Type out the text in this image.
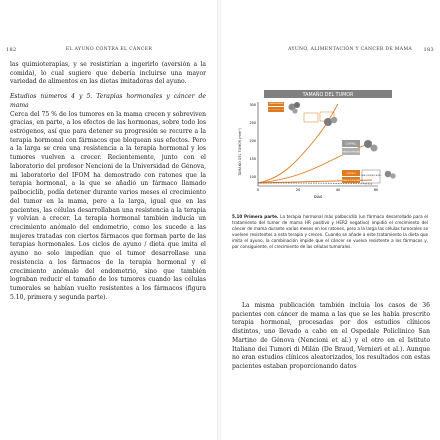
182	EL AYUNO CONTRA EL CÁNCER	AYUNO, ALIMENTACIÓN Y CÁNCER DE MAMA 183

las quimioterapias, y se resistirían a ingerirlo (aversión a la comida), lo cual sugiere que debería incluirse una mayor variedad de alimentos en las dietas imitadoras del ayuno.

Estudios números 4 y 5. Terapias hormonales y cáncer de mama

Cerca del 75 % de los tumores en la mama crecen y sobreviven gracias, en parte, a los efectos de las hormonas, sobre todo los estrógenos, así que para detener su progresión se recurre a la terapia hormonal con fármacos que bloquean sus efectos. Pero a la larga se crea una resistencia a la terapia hormonal y los tumores vuelven a crecer. Recientemente, junto con el laboratorio del profesor Nencioni de la Universidad de Génova, mi laboratorio del IFOM ha demostrado con ratones que la terapia hormonal, a la que se añadió un fármaco llamado palbociclib, podía detener durante varios meses el crecimiento del tumor en la mama, pero a la larga, igual que en las pacientes, las células desarrollaban una resistencia a la terapia y volvían a crecer. La terapia hormonal también inducía un crecimiento anómalo del endometrio, como les sucede a las mujeres tratadas con ciertos fármacos que forman parte de las terapias hormonales. Los ciclos de ayuno / dieta que imita el ayuno no solo impedían que el tumor desarrollase una resistencia a los fármacos de la terapia hormonal y el crecimiento anómalo del endometrio, sino que también lograban reducir el tamaño de los tumores cuando las células tumorales se habían vuelto resistentes a los fármacos (figura 5.10, primera y segunda parte).

TAMAÑO DEL TUMOR
TAMAÑO DEL TUMOR (mm³)
300
250
200
150
100
0	20	40	60
DÍAS
TERAPIA HORMONAL + PALBOCICLIB
TERAPIA HORMONAL + PALBOCICLIB + DIETA QUE IMITA EL AYUNO
CONTROL
TERAPIA HORMONAL
CONTROL
TERAPIA HORMONAL
DIETA QUE IMITA EL AYUNO
5.10 Primera parte. La terapia hormonal más palbociclib (un fármaco desarrollado para el tratamiento del tumor de mama HR positivo y HER2 negativo) impidió el crecimiento del cáncer de mama durante varios meses en los ratones, pero a la larga las células tumorales se vuelven resistentes a esta terapia y crecen. Cuando se añade a este tratamiento la dieta que imita el ayuno, la combinación impide que el cáncer se vuelva resistente a los fármacos y, por consiguiente, el crecimiento de las células tumorales.
La misma publicación también incluía los casos de 36 pacientes con cáncer de mama a las que se les había prescrito terapia hormonal, procesadas por dos estudios clínicos distintos, uno llevado a cabo en el Ospedale Policlinico San Martino de Génova (Nencioni et al.) y el otro en el Istituto Italiano dei Tumori di Milán (De Braud, Vernieri et al.). Aunque no eran estudios clínicos aleatorizados, los resultados con estas pacientes estaban proporcionando datos
